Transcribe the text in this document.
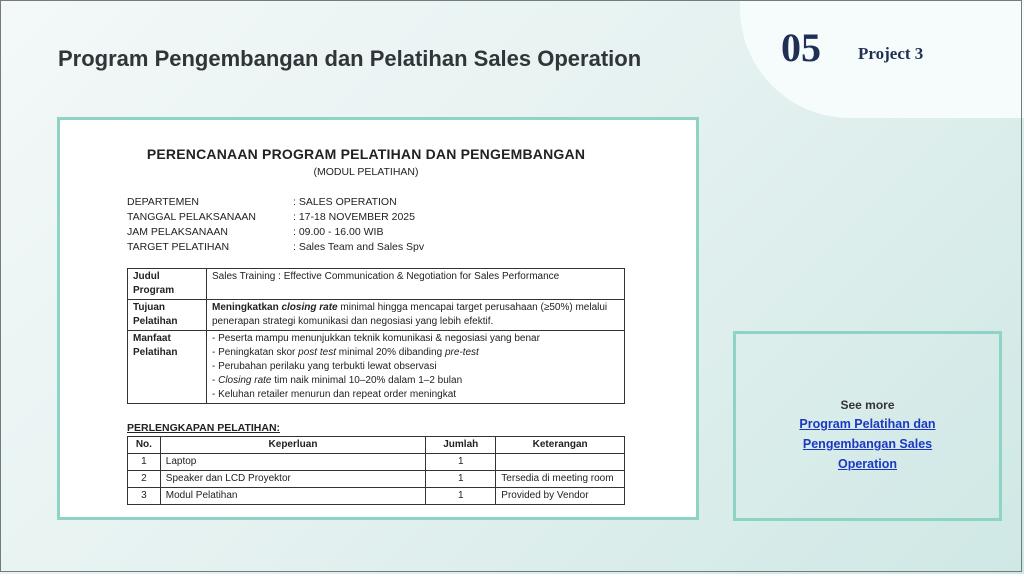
Program Pengembangan dan Pelatihan Sales Operation	05 Project 3
PERENCANAAN PROGRAM PELATIHAN DAN PENGEMBANGAN
(MODUL PELATIHAN)
DEPARTEMEN	: SALES OPERATION
TANGGAL PELAKSANAAN	: 17-18 NOVEMBER 2025
JAM PELAKSANAAN	: 09.00 - 16.00 WIB
TARGET PELATIHAN	: Sales Team and Sales Spv
Judul Program	Sales Training : Effective Communication & Negotiation for Sales Performance
Tujuan Pelatihan	Meningkatkan closing rate minimal hingga mencapai target perusahaan (≥50%) melalui penerapan strategi komunikasi dan negosiasi yang lebih efektif.
Manfaat Pelatihan	- Peserta mampu menunjukkan teknik komunikasi & negosiasi yang benar
- Peningkatan skor post test minimal 20% dibanding pre-test
- Perubahan perilaku yang terbukti lewat observasi
- Closing rate tim naik minimal 10–20% dalam 1–2 bulan
- Keluhan retailer menurun dan repeat order meningkat
PERLENGKAPAN PELATIHAN:
No.	Keperluan	Jumlah	Keterangan
1	Laptop	1	
2	Speaker dan LCD Proyektor	1	Tersedia di meeting room
3	Modul Pelatihan	1	Provided by Vendor
See more
Program Pelatihan dan Pengembangan Sales Operation
